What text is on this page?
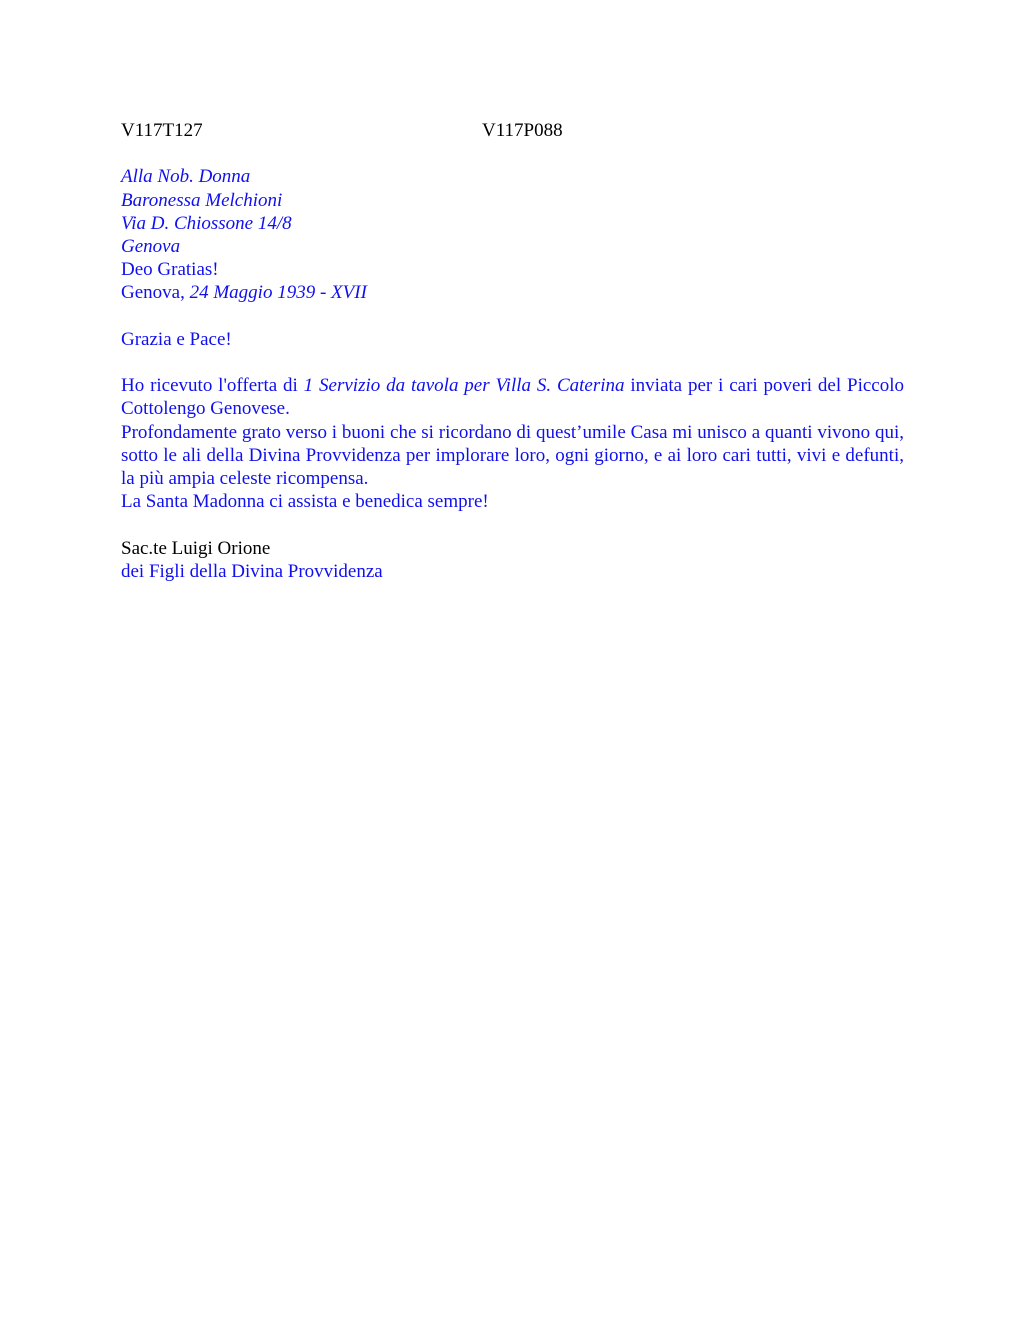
V117T127	V117P088
Alla Nob. Donna
Baronessa Melchioni
Via D. Chiossone 14/8
Genova
Deo Gratias!
Genova, 24 Maggio 1939 - XVII
Grazia e Pace!
Ho ricevuto l'offerta di 1 Servizio da tavola per Villa S. Caterina inviata per i cari poveri del Piccolo Cottolengo Genovese.
Profondamente grato verso i buoni che si ricordano di quest’umile Casa mi unisco a quanti vivono qui, sotto le ali della Divina Provvidenza per implorare loro, ogni giorno, e ai loro cari tutti, vivi e defunti, la più ampia celeste ricompensa.
La Santa Madonna ci assista e benedica sempre!
Sac.te Luigi Orione
dei Figli della Divina Provvidenza
